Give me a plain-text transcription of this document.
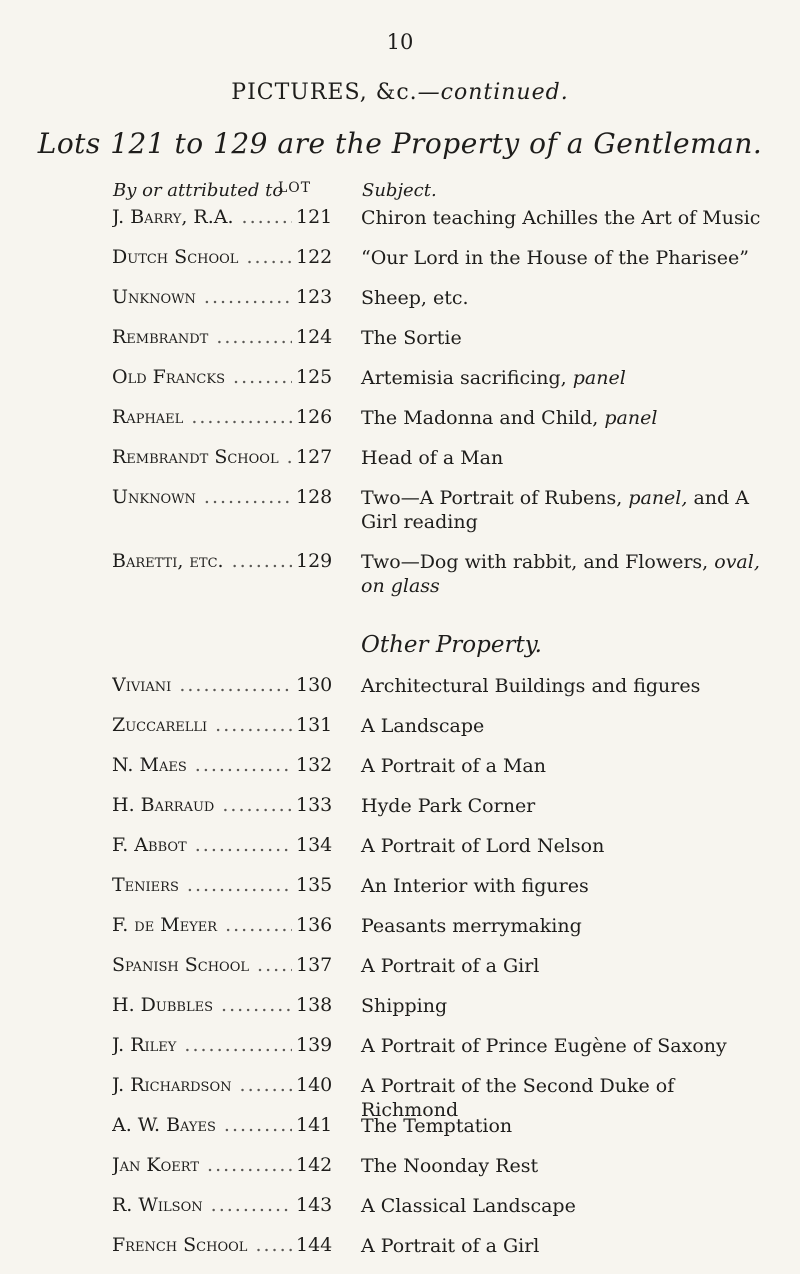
10
PICTURES, &c.—continued.
Lots 121 to 129 are the Property of a Gentleman.
By or attributed to
LOT	Subject.
J. Barry, R.A. .....	121	Chiron teaching Achilles the Art of Music
Dutch School .....	122	“Our Lord in the House of the Pharisee”
Unknown .....	123	Sheep, etc.
Rembrandt .....	124	The Sortie
Old Francks .....	125	Artemisia sacrificing, panel
Raphael .....	126	The Madonna and Child, panel
Rembrandt School ..... 127	Head of a Man
Unknown .....	128	Two—A Portrait of Rubens, panel, and A Girl reading
Baretti, etc. .....	129	Two—Dog with rabbit, and Flowers, oval, on glass
Other Property.
Viviani .....	130	Architectural Buildings and figures
Zuccarelli .....	131	A Landscape
N. Maes .....	132	A Portrait of a Man
H. Barraud .....	133	Hyde Park Corner
F. Abbot .....	134	A Portrait of Lord Nelson
Teniers .....	135	An Interior with figures
F. de Meyer .....	136	Peasants merrymaking
Spanish School .....	137	A Portrait of a Girl
H. Dubbles .....	138	Shipping
J. Riley .....	139	A Portrait of Prince Eugène of Saxony
J. Richardson .....	140	A Portrait of the Second Duke of Richmond
A. W. Bayes .....	141	The Temptation
Jan Koert .....	142	The Noonday Rest
R. Wilson .....	143	A Classical Landscape
French School .....	144	A Portrait of a Girl
